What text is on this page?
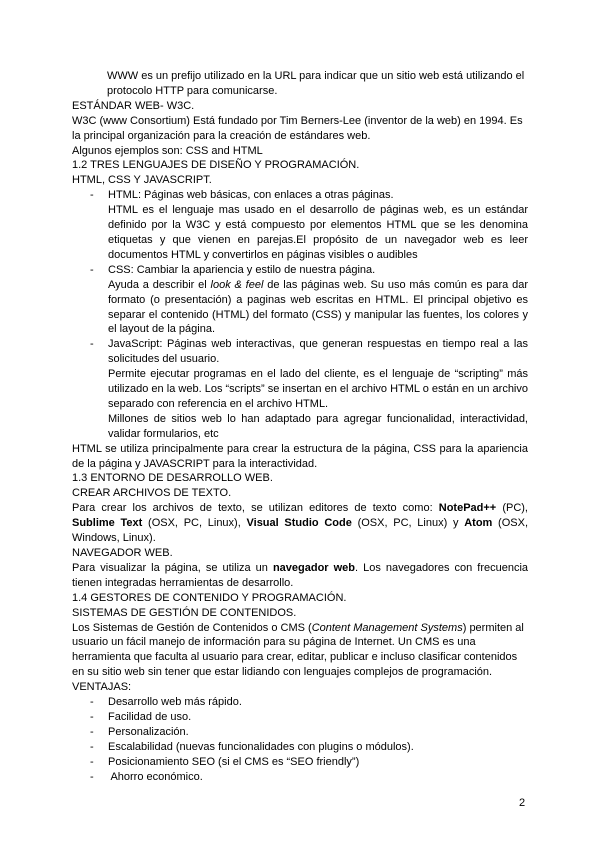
WWW es un prefijo utilizado en la URL para indicar que un sitio web está utilizando el protocolo HTTP para comunicarse.

ESTÁNDAR WEB- W3C.

W3C (www Consortium) Está fundado por Tim Berners-Lee (inventor de la web) en 1994. Es la principal organización para la creación de estándares web.

Algunos ejemplos son: CSS and HTML

1.2 TRES LENGUAJES DE DISEÑO Y PROGRAMACIÓN.

HTML, CSS Y JAVASCRIPT.

-	HTML: Páginas web básicas, con enlaces a otras páginas.

HTML es el lenguaje mas usado en el desarrollo de páginas web, es un estándar definido por la W3C y está compuesto por elementos HTML que se les denomina etiquetas y que vienen en parejas.El propósito de un navegador web es leer documentos HTML y convertirlos en páginas visibles o audibles

-	CSS: Cambiar la apariencia y estilo de nuestra página.

Ayuda a describir el look & feel de las páginas web. Su uso más común es para dar formato (o presentación) a paginas web escritas en HTML. El principal objetivo es separar el contenido (HTML) del formato (CSS) y manipular las fuentes, los colores y el layout de la página.

-	JavaScript: Páginas web interactivas, que generan respuestas en tiempo real a las solicitudes del usuario.

Permite ejecutar programas en el lado del cliente, es el lenguaje de “scripting” más utilizado en la web. Los “scripts” se insertan en el archivo HTML o están en un archivo separado con referencia en el archivo HTML.

Millones de sitios web lo han adaptado para agregar funcionalidad, interactividad, validar formularios, etc

HTML se utiliza principalmente para crear la estructura de la página, CSS para la apariencia de la página y JAVASCRIPT para la interactividad.

1.3 ENTORNO DE DESARROLLO WEB.

CREAR ARCHIVOS DE TEXTO.

Para crear los archivos de texto, se utilizan editores de texto como: NotePad++ (PC), Sublime Text (OSX, PC, Linux), Visual Studio Code (OSX, PC, Linux) y Atom (OSX, Windows, Linux).

NAVEGADOR WEB.

Para visualizar la página, se utiliza un navegador web. Los navegadores con frecuencia tienen integradas herramientas de desarrollo.

1.4 GESTORES DE CONTENIDO Y PROGRAMACIÓN.

SISTEMAS DE GESTIÓN DE CONTENIDOS.

Los Sistemas de Gestión de Contenidos o CMS (Content Management Systems) permiten al usuario un fácil manejo de información para su página de Internet. Un CMS es una herramienta que faculta al usuario para crear, editar, publicar e incluso clasificar contenidos en su sitio web sin tener que estar lidiando con lenguajes complejos de programación.

VENTAJAS:

-	Desarrollo web más rápido.
-	Facilidad de uso.
-	Personalización.
-	Escalabilidad (nuevas funcionalidades con plugins o módulos).
-	Posicionamiento SEO (si el CMS es “SEO friendly”)
-	Ahorro económico.
2
